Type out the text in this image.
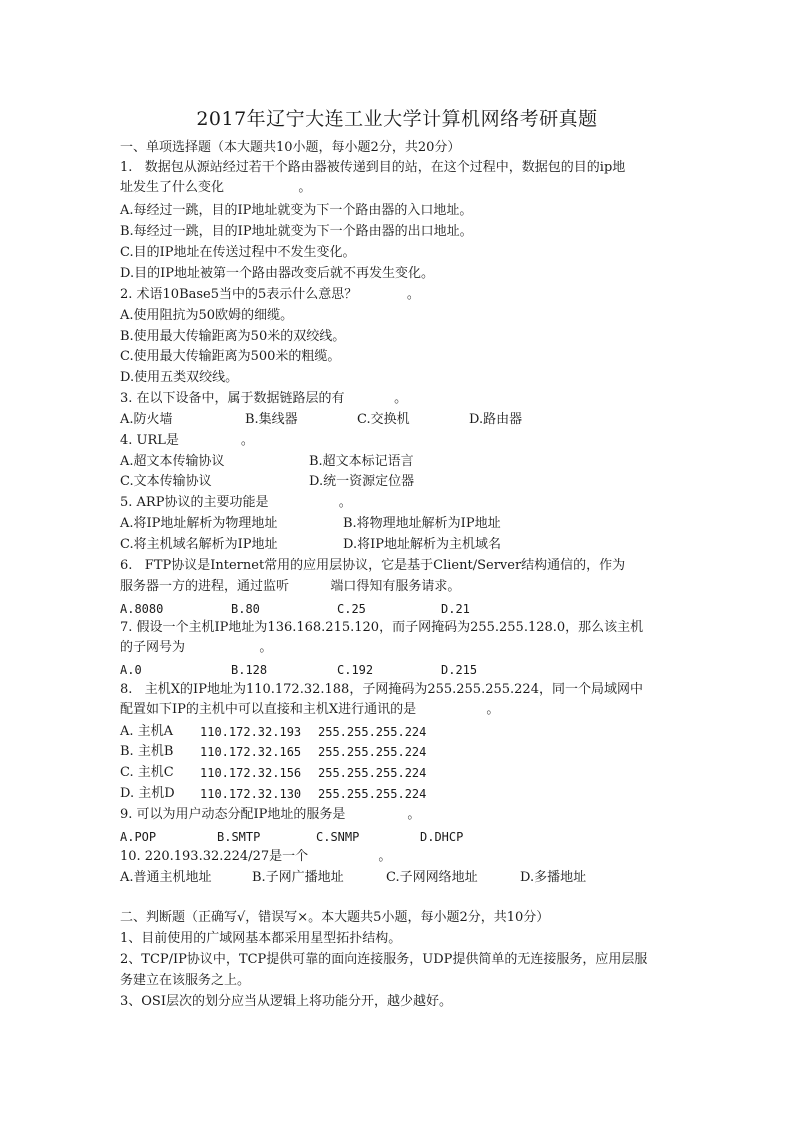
2017年辽宁大连工业大学计算机网络考研真题
一、单项选择题（本大题共10小题，每小题2分，共20分）
1.   数据包从源站经过若干个路由器被传递到目的站，在这个过程中，数据包的目的ip地
址发生了什么变化                  。
A.每经过一跳，目的IP地址就变为下一个路由器的入口地址。
B.每经过一跳，目的IP地址就变为下一个路由器的出口地址。
C.目的IP地址在传送过程中不发生变化。
D.目的IP地址被第一个路由器改变后就不再发生变化。
2. 术语10Base5当中的5表示什么意思？            。
A.使用阻抗为50欧姆的细缆。
B.使用最大传输距离为50米的双绞线。
C.使用最大传输距离为500米的粗缆。
D.使用五类双绞线。
3. 在以下设备中，属于数据链路层的有            。
A.防火墙	B.集线器	C.交换机	D.路由器
4. URL是               。
A.超文本传输协议	B.超文本标记语言
C.文本传输协议	D.统一资源定位器
5. ARP协议的主要功能是                 。
A.将IP地址解析为物理地址	B.将物理地址解析为IP地址
C.将主机域名解析为IP地址	D.将IP地址解析为主机域名
6.   FTP协议是Internet常用的应用层协议，它是基于Client/Server结构通信的，作为
服务器一方的进程，通过监听          端口得知有服务请求。
A.8080	B.80	C.25	D.21
7. 假设一个主机IP地址为136.168.215.120，而子网掩码为255.255.128.0，那么该主机
的子网号为                  。
A.0	B.128	C.192	D.215
8.   主机X的IP地址为110.172.32.188，子网掩码为255.255.255.224，同一个局域网中
配置如下IP的主机中可以直接和主机X进行通讯的是                 。
A. 主机A 110.172.32.193 255.255.255.224
B. 主机B 110.172.32.165 255.255.255.224
C. 主机C 110.172.32.156 255.255.255.224
D. 主机D 110.172.32.130 255.255.255.224
9. 可以为用户动态分配IP地址的服务是               。
A.POP	B.SMTP	C.SNMP	D.DHCP
10. 220.193.32.224/27是一个                 。
A.普通主机地址	B.子网广播地址	C.子网网络地址	D.多播地址
二、判断题（正确写√，错误写×。本大题共5小题，每小题2分，共10分）
1、目前使用的广域网基本都采用星型拓扑结构。
2、TCP/IP协议中，TCP提供可靠的面向连接服务，UDP提供简单的无连接服务，应用层服
务建立在该服务之上。
3、OSI层次的划分应当从逻辑上将功能分开，越少越好。
